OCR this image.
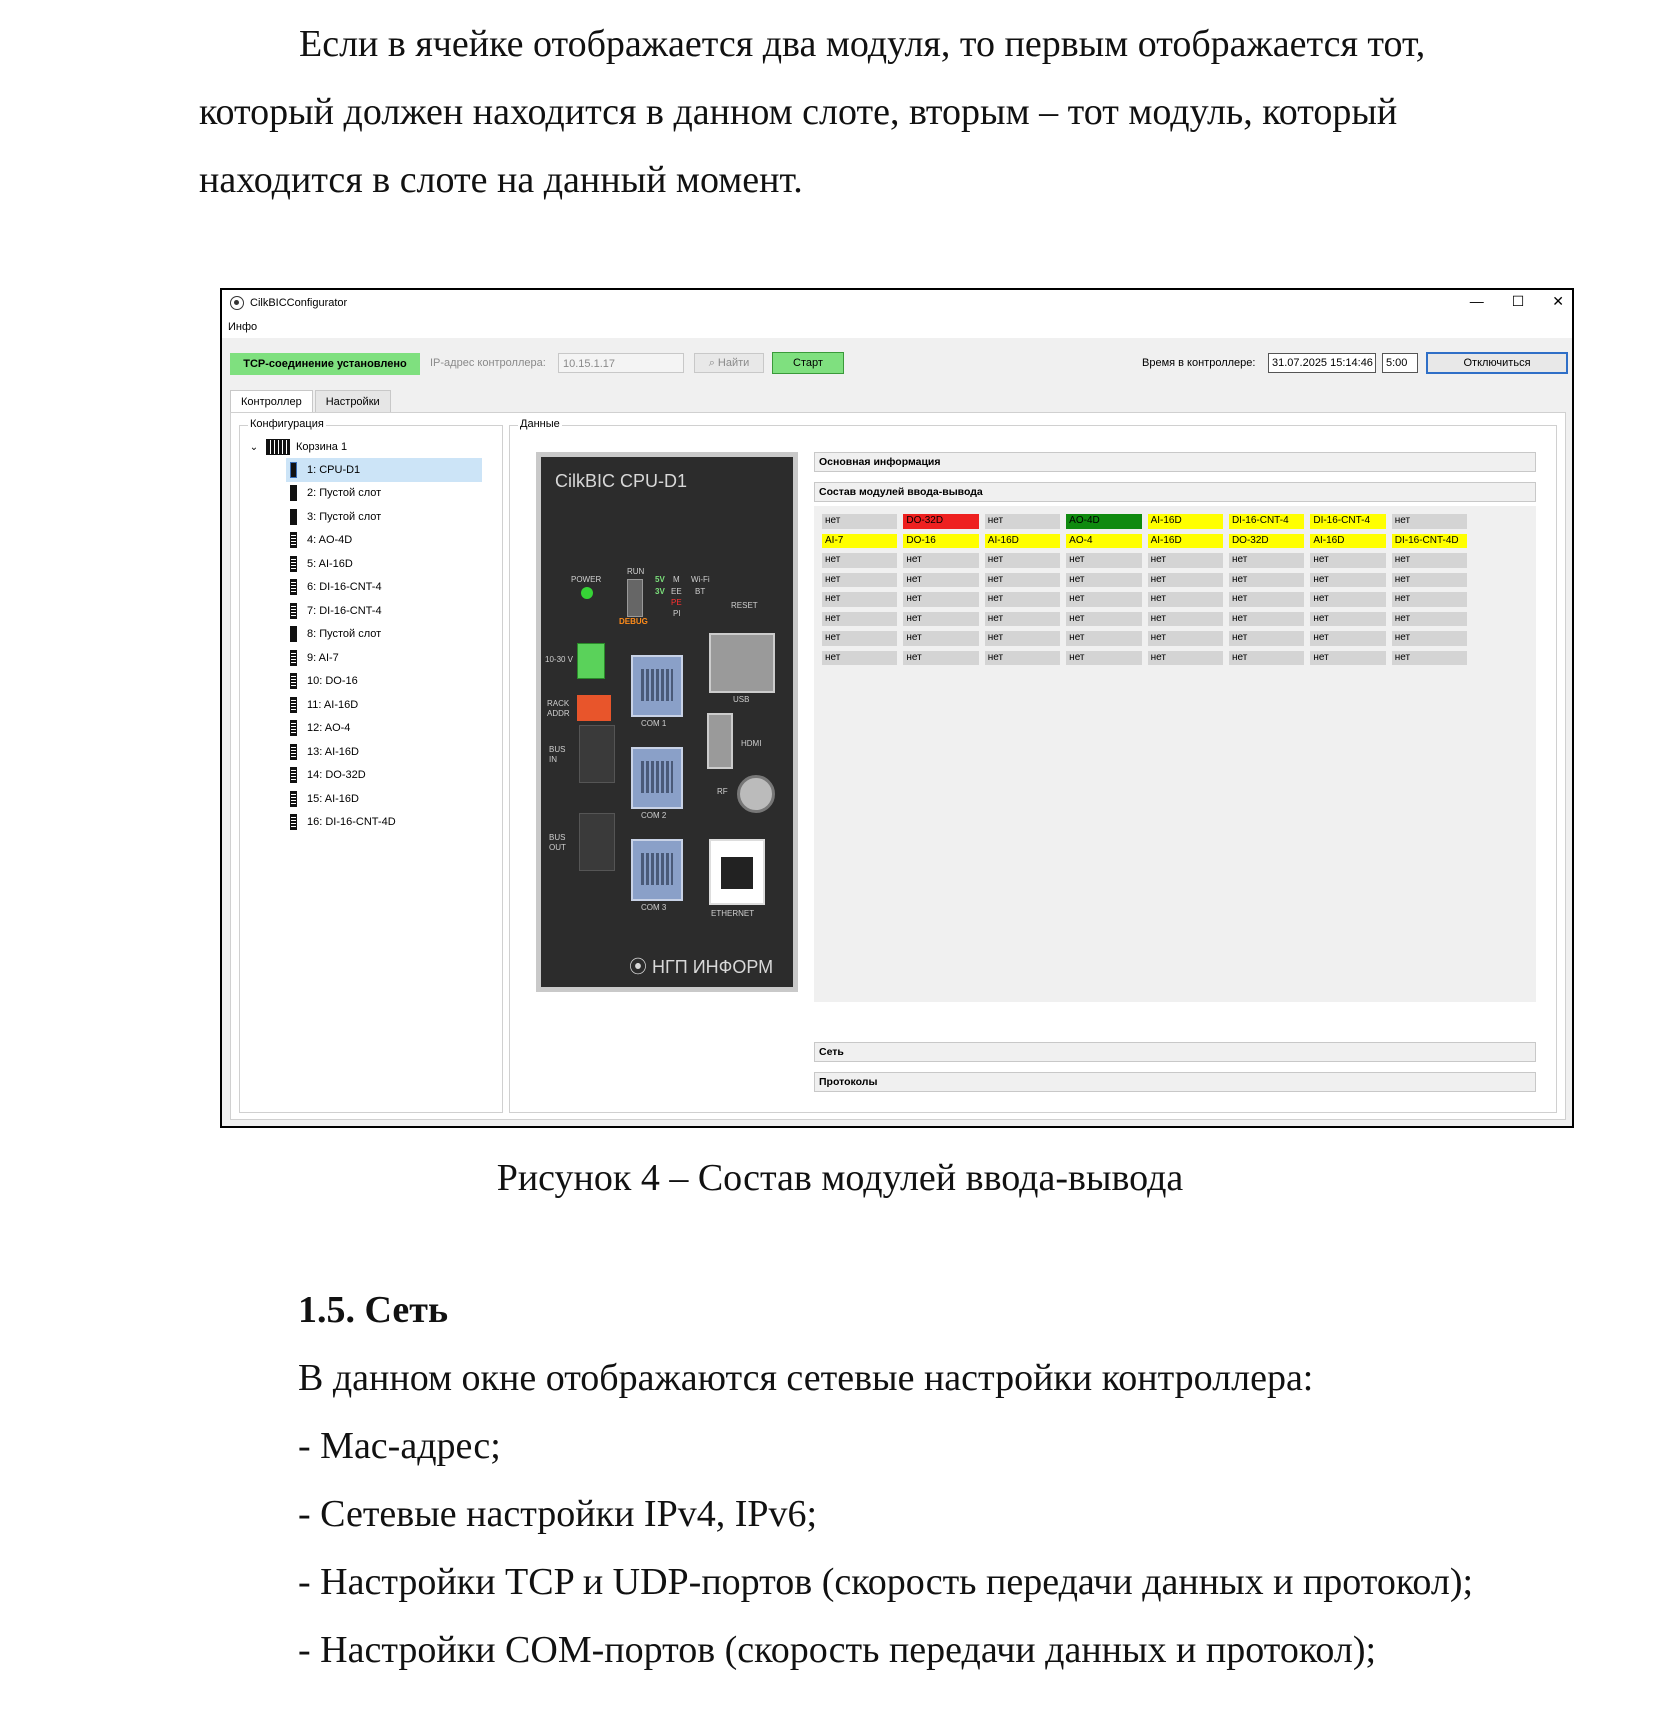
Если в ячейке отображается два модуля, то первым отображается тот, который должен находится в данном слоте, вторым – тот модуль, который находится в слоте на данный момент.

CilkBICConfigurator	— ☐ ✕
Инфо
TCP-соединение установлено	IP-адрес контроллера:	10.15.1.17	⌕ Найти	Старт	Время в контроллере:	31.07.2025 15:14:46	5:00	Отключиться
Контроллер	Настройки
Конфигурация
⌄	Корзина 1
1: CPU-D1
2: Пустой слот
3: Пустой слот
4: AO-4D
5: AI-16D
6: DI-16-CNT-4
7: DI-16-CNT-4
8: Пустой слот
9: AI-7
10: DO-16
11: AI-16D
12: AO-4
13: AI-16D
14: DO-32D
15: AI-16D
16: DI-16-CNT-4D
Данные
CilkBIC CPU-D1
POWER
RUN
DEBUG
5V
3V
M
EE
PE
PI
Wi-Fi
BT
RESET
10-30 V
RACK
ADDR
BUS
IN
BUS
OUT
COM 1
COM 2
COM 3
USB
HDMI
RF
ETHERNET
⦿ НГП ИНФОРМ
Основная информация
Состав модулей ввода-вывода
нет	DO-32D	нет	AO-4D	AI-16D	DI-16-CNT-4	DI-16-CNT-4	нет
AI-7	DO-16	AI-16D	AO-4	AI-16D	DO-32D	AI-16D	DI-16-CNT-4D
нет	нет	нет	нет	нет	нет	нет	нет
нет	нет	нет	нет	нет	нет	нет	нет
нет	нет	нет	нет	нет	нет	нет	нет
нет	нет	нет	нет	нет	нет	нет	нет
нет	нет	нет	нет	нет	нет	нет	нет
нет	нет	нет	нет	нет	нет	нет	нет
Сеть
Протоколы
Рисунок 4 – Состав модулей ввода-вывода
1.5. Сеть
В данном окне отображаются сетевые настройки контроллера:
- Мас-адрес;
- Сетевые настройки IPv4, IPv6;
- Настройки TCP и UDP-портов (скорость передачи данных и протокол);
- Настройки СОМ-портов (скорость передачи данных и протокол);
